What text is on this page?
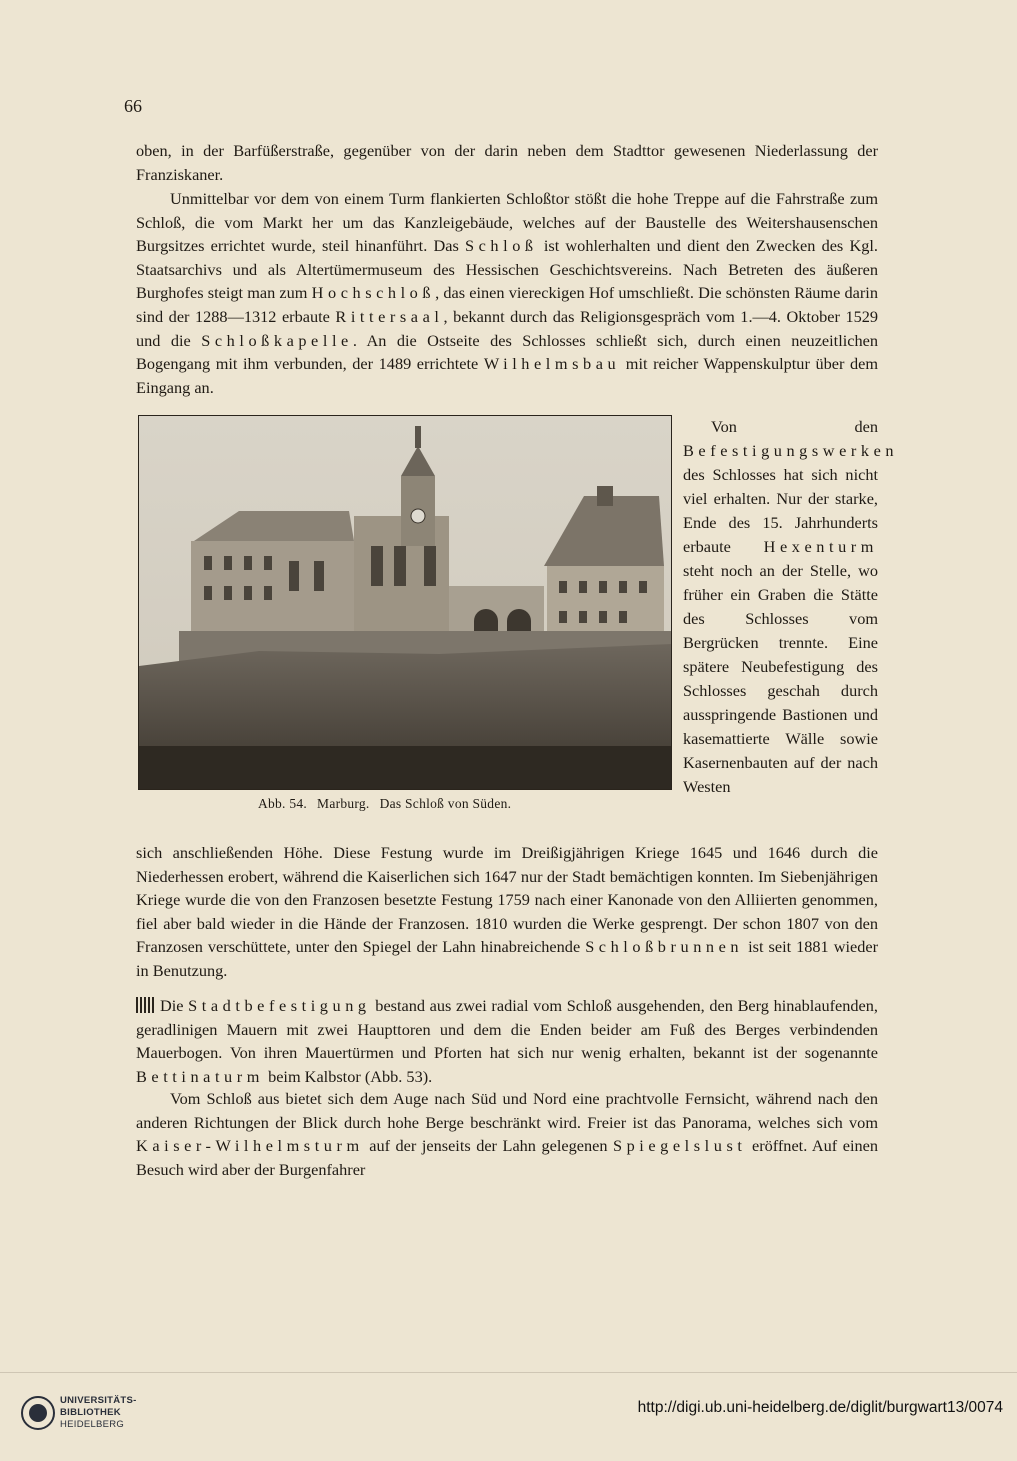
66

oben, in der Barfüßerstraße, gegenüber von der darin neben dem Stadttor gewesenen Niederlassung der Franziskaner.

Unmittelbar vor dem von einem Turm flankierten Schloßtor stößt die hohe Treppe auf die Fahrstraße zum Schloß, die vom Markt her um das Kanzleigebäude, welches auf der Baustelle des Weitershausenschen Burgsitzes errichtet wurde, steil hinanführt. Das Schloß ist wohlerhalten und dient den Zwecken des Kgl. Staatsarchivs und als Altertümermuseum des Hessischen Geschichtsvereins. Nach Betreten des äußeren Burghofes steigt man zum Hochschloß, das einen viereckigen Hof umschließt. Die schönsten Räume darin sind der 1288—1312 erbaute Rittersaal, bekannt durch das Religionsgespräch vom 1.—4. Oktober 1529 und die Schloßkapelle. An die Ostseite des Schlosses schließt sich, durch einen neuzeitlichen Bogengang mit ihm verbunden, der 1489 errichtete Wilhelmsbau mit reicher Wappenskulptur über dem Eingang an.

Abb. 54. Marburg. Das Schloß von Süden.

Von den Befestigungswerken des Schlosses hat sich nicht viel erhalten. Nur der starke, Ende des 15. Jahrhunderts erbaute Hexenturm steht noch an der Stelle, wo früher ein Graben die Stätte des Schlosses vom Bergrücken trennte. Eine spätere Neubefestigung des Schlosses geschah durch ausspringende Bastionen und kasemattierte Wälle sowie Kasernenbauten auf der nach Westen

sich anschließenden Höhe. Diese Festung wurde im Dreißigjährigen Kriege 1645 und 1646 durch die Niederhessen erobert, während die Kaiserlichen sich 1647 nur der Stadt bemächtigen konnten. Im Siebenjährigen Kriege wurde die von den Franzosen besetzte Festung 1759 nach einer Kanonade von den Alliierten genommen, fiel aber bald wieder in die Hände der Franzosen. 1810 wurden die Werke gesprengt. Der schon 1807 von den Franzosen verschüttete, unter den Spiegel der Lahn hinabreichende Schloßbrunnen ist seit 1881 wieder in Benutzung.

Die Stadtbefestigung bestand aus zwei radial vom Schloß ausgehenden, den Berg hinablaufenden, geradlinigen Mauern mit zwei Haupttoren und dem die Enden beider am Fuß des Berges verbindenden Mauerbogen. Von ihren Mauertürmen und Pforten hat sich nur wenig erhalten, bekannt ist der sogenannte Bettinaturm beim Kalbstor (Abb. 53).

Vom Schloß aus bietet sich dem Auge nach Süd und Nord eine prachtvolle Fernsicht, während nach den anderen Richtungen der Blick durch hohe Berge beschränkt wird. Freier ist das Panorama, welches sich vom Kaiser-Wilhelmsturm auf der jenseits der Lahn gelegenen Spiegelslust eröffnet. Auf einen Besuch wird aber der Burgenfahrer

UNIVERSITÄTS-
BIBLIOTHEK
HEIDELBERG
http://digi.ub.uni-heidelberg.de/diglit/burgwart13/0074
